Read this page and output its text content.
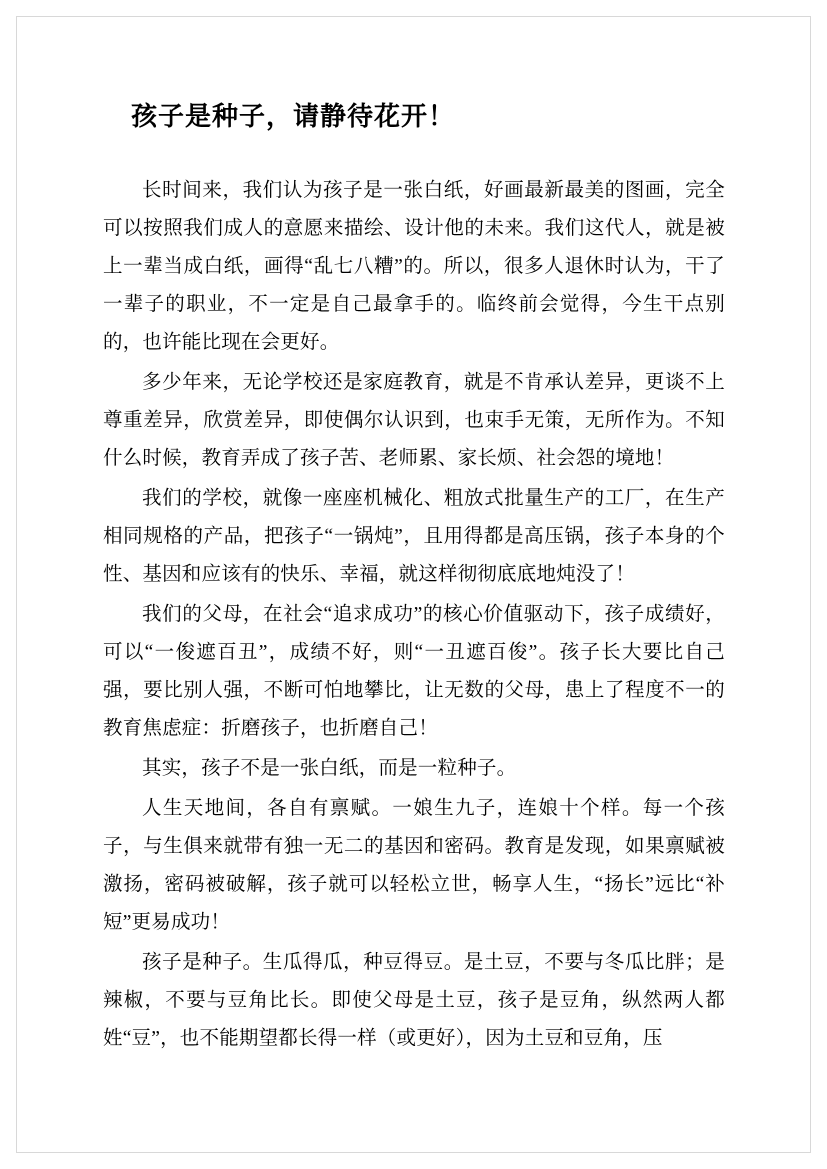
孩子是种子，请静待花开！

长时间来，我们认为孩子是一张白纸，好画最新最美的图画，完全可以按照我们成人的意愿来描绘、设计他的未来。我们这代人，就是被上一辈当成白纸，画得“乱七八糟”的。所以，很多人退休时认为，干了一辈子的职业，不一定是自己最拿手的。临终前会觉得，今生干点别的，也许能比现在会更好。

多少年来，无论学校还是家庭教育，就是不肯承认差异，更谈不上尊重差异，欣赏差异，即使偶尔认识到，也束手无策，无所作为。不知什么时候，教育弄成了孩子苦、老师累、家长烦、社会怨的境地！

我们的学校，就像一座座机械化、粗放式批量生产的工厂，在生产相同规格的产品，把孩子“一锅炖”，且用得都是高压锅，孩子本身的个性、基因和应该有的快乐、幸福，就这样彻彻底底地炖没了！

我们的父母，在社会“追求成功”的核心价值驱动下，孩子成绩好，可以“一俊遮百丑”，成绩不好，则“一丑遮百俊”。孩子长大要比自己强，要比别人强，不断可怕地攀比，让无数的父母，患上了程度不一的教育焦虑症：折磨孩子，也折磨自己！

其实，孩子不是一张白纸，而是一粒种子。

人生天地间，各自有禀赋。一娘生九子，连娘十个样。每一个孩子，与生俱来就带有独一无二的基因和密码。教育是发现，如果禀赋被激扬，密码被破解，孩子就可以轻松立世，畅享人生，“扬长”远比“补短”更易成功！

孩子是种子。生瓜得瓜，种豆得豆。是土豆，不要与冬瓜比胖；是辣椒，不要与豆角比长。即使父母是土豆，孩子是豆角，纵然两人都姓“豆”，也不能期望都长得一样（或更好），因为土豆和豆角，压
